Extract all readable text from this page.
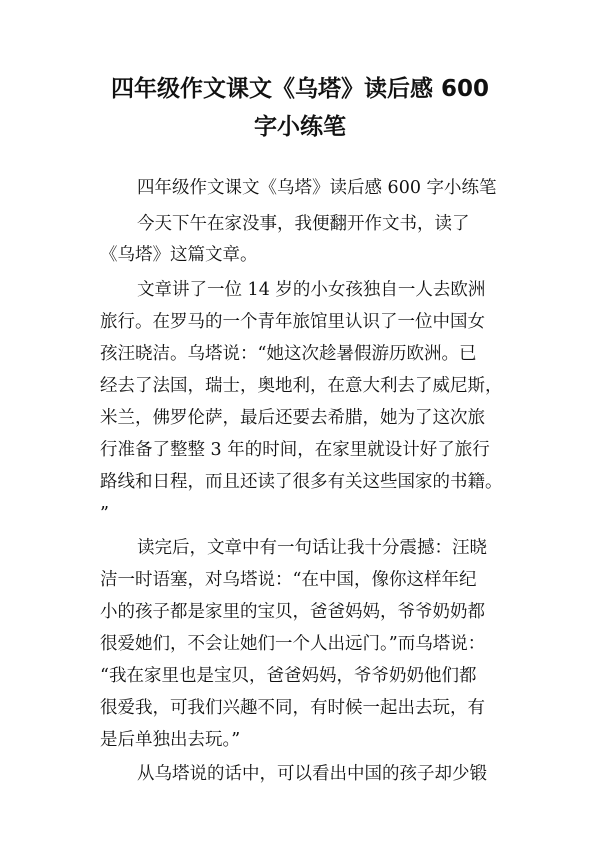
四年级作文课文《乌塔》读后感 600
字小练笔
四年级作文课文《乌塔》读后感 600 字小练笔
今天下午在家没事，我便翻开作文书，读了
《乌塔》这篇文章。
文章讲了一位 14 岁的小女孩独自一人去欧洲
旅行。在罗马的一个青年旅馆里认识了一位中国女
孩汪晓洁。乌塔说：“她这次趁暑假游历欧洲。已
经去了法国，瑞士，奥地利，在意大利去了威尼斯，
米兰，佛罗伦萨，最后还要去希腊，她为了这次旅
行准备了整整 3 年的时间，在家里就设计好了旅行
路线和日程，而且还读了很多有关这些国家的书籍。
”
读完后，文章中有一句话让我十分震撼：汪晓
洁一时语塞，对乌塔说：“在中国，像你这样年纪
小的孩子都是家里的宝贝，爸爸妈妈，爷爷奶奶都
很爱她们，不会让她们一个人出远门。”而乌塔说：
“我在家里也是宝贝，爸爸妈妈，爷爷奶奶他们都
很爱我，可我们兴趣不同，有时候一起出去玩，有
是后单独出去玩。”
从乌塔说的话中，可以看出中国的孩子却少锻
